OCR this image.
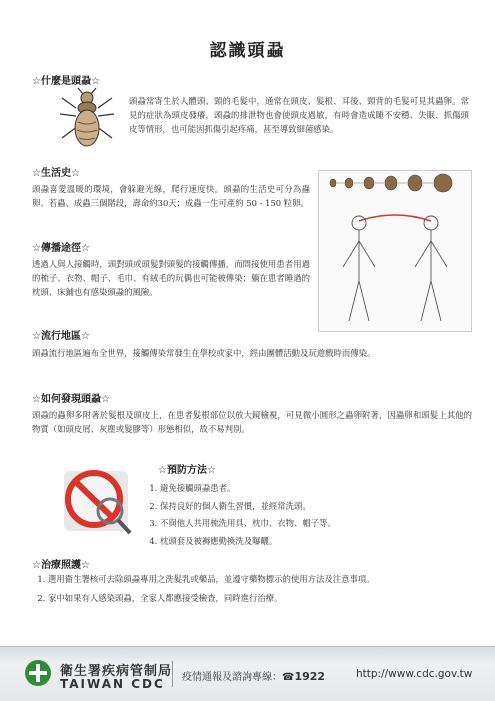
認識頭蝨
☆什麼是頭蝨☆

頭蝨常寄生於人體頭、頸的毛髮中，通常在頭皮、髮根、耳後、頸背的毛髮可見其蟲卵。常見的症狀為頭皮發癢，頭蝨的排泄物也會使頭皮過敏，有時會造成睡不安穩、失眠、抓傷頭皮等情形，也可能因抓傷引起疼痛，甚至導致細菌感染。

☆生活史☆

頭蝨喜愛溫暖的環境，會躲避光線，爬行速度快。頭蝨的生活史可分為蟲卵、若蟲、成蟲三個階段，壽命約30天；成蟲一生可產約 50 - 150 粒卵。

☆傳播途徑☆

透過人與人接觸時，頭對頭或頭髮對頭髮的接觸傳播，而間接使用患者用過的梳子、衣物、帽子、毛巾、有絨毛的玩偶也可能被傳染；躺在患者睡過的枕頭、床鋪也有感染頭蝨的風險。

☆流行地區☆

頭蝨流行地區遍布全世界，接觸傳染常發生在學校或家中，經由團體活動及玩遊戲時而傳染。

☆如何發現頭蝨☆

頭蝨的蟲卵多附著於髮根及頭皮上，在患者髮根部位以放大鏡檢視，可見微小圓形之蟲卵附著，因蟲卵和頭髮上其他的物質（如頭皮屑、灰塵或髮膠等）形態相似，故不易判別。

☆預防方法☆
1. 避免接觸頭蝨患者。
2. 保持良好的個人衛生習慣，並經常洗頭。
3. 不與他人共用梳洗用具、枕巾、衣物、帽子等。
4. 枕頭套及被褥應勤換洗及曝曬。
☆治療照護☆
1. 選用衛生署核可去除頭蝨專用之洗髮乳或藥品，並遵守藥物標示的使用方法及注意事項。
2. 家中如果有人感染頭蝨，全家人都應接受檢查，同時進行治療。
衛生署疾病管制局
TAIWAN CDC 疫情通報及諮詢專線：☎1922	http://www.cdc.gov.tw
